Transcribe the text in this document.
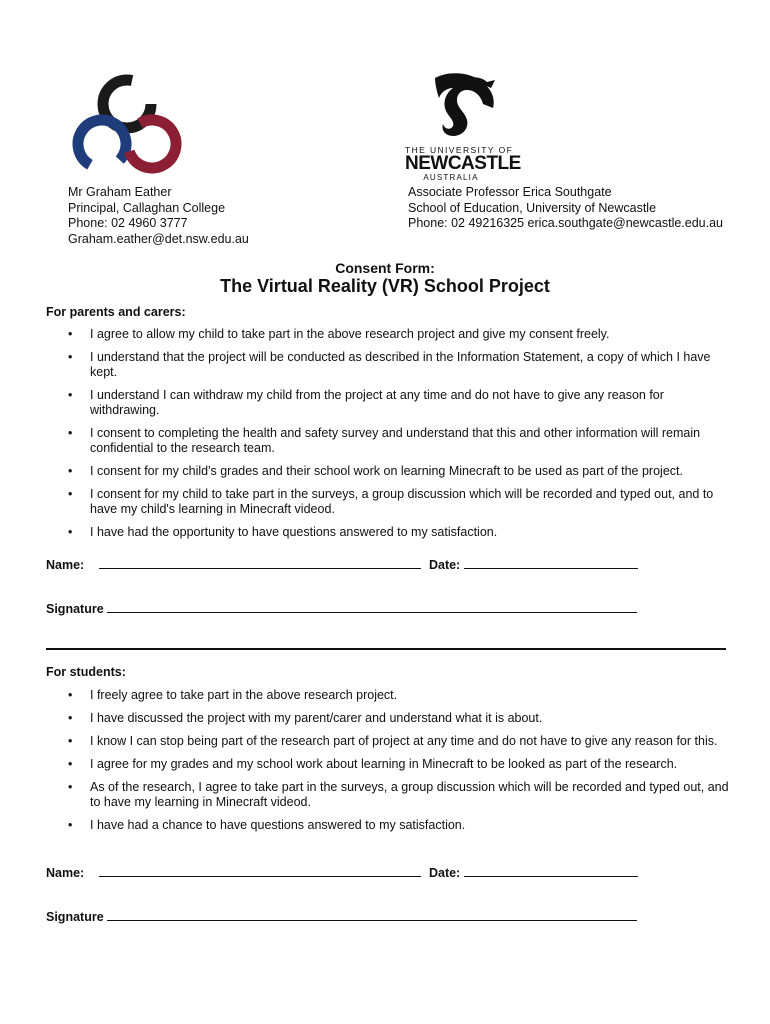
THE UNIVERSITY OF
NEWCASTLE
AUSTRALIA
Mr Graham Eather
Principal, Callaghan College
Phone: 02 4960 3777
Graham.eather@det.nsw.edu.au
Associate Professor Erica Southgate
School of Education, University of Newcastle
Phone: 02 49216325 erica.southgate@newcastle.edu.au
Consent Form:
The Virtual Reality (VR) School Project
For parents and carers:
• I agree to allow my child to take part in the above research project and give my consent freely.
• I understand that the project will be conducted as described in the Information Statement, a copy of which I have kept.
• I understand I can withdraw my child from the project at any time and do not have to give any reason for withdrawing.
• I consent to completing the health and safety survey and understand that this and other information will remain confidential to the research team.
• I consent for my child's grades and their school work on learning Minecraft to be used as part of the project.
• I consent for my child to take part in the surveys, a group discussion which will be recorded and typed out, and to have my child's learning in Minecraft videod.
• I have had the opportunity to have questions answered to my satisfaction.
Name:	Date:
Signature
For students:
• I freely agree to take part in the above research project.
• I have discussed the project with my parent/carer and understand what it is about.
• I know I can stop being part of the research part of project at any time and do not have to give any reason for this.
• I agree for my grades and my school work about learning in Minecraft to be looked as part of the research.
• As of the research, I agree to take part in the surveys, a group discussion which will be recorded and typed out, and to have my learning in Minecraft videod.
• I have had a chance to have questions answered to my satisfaction.
Name:	Date:
Signature
